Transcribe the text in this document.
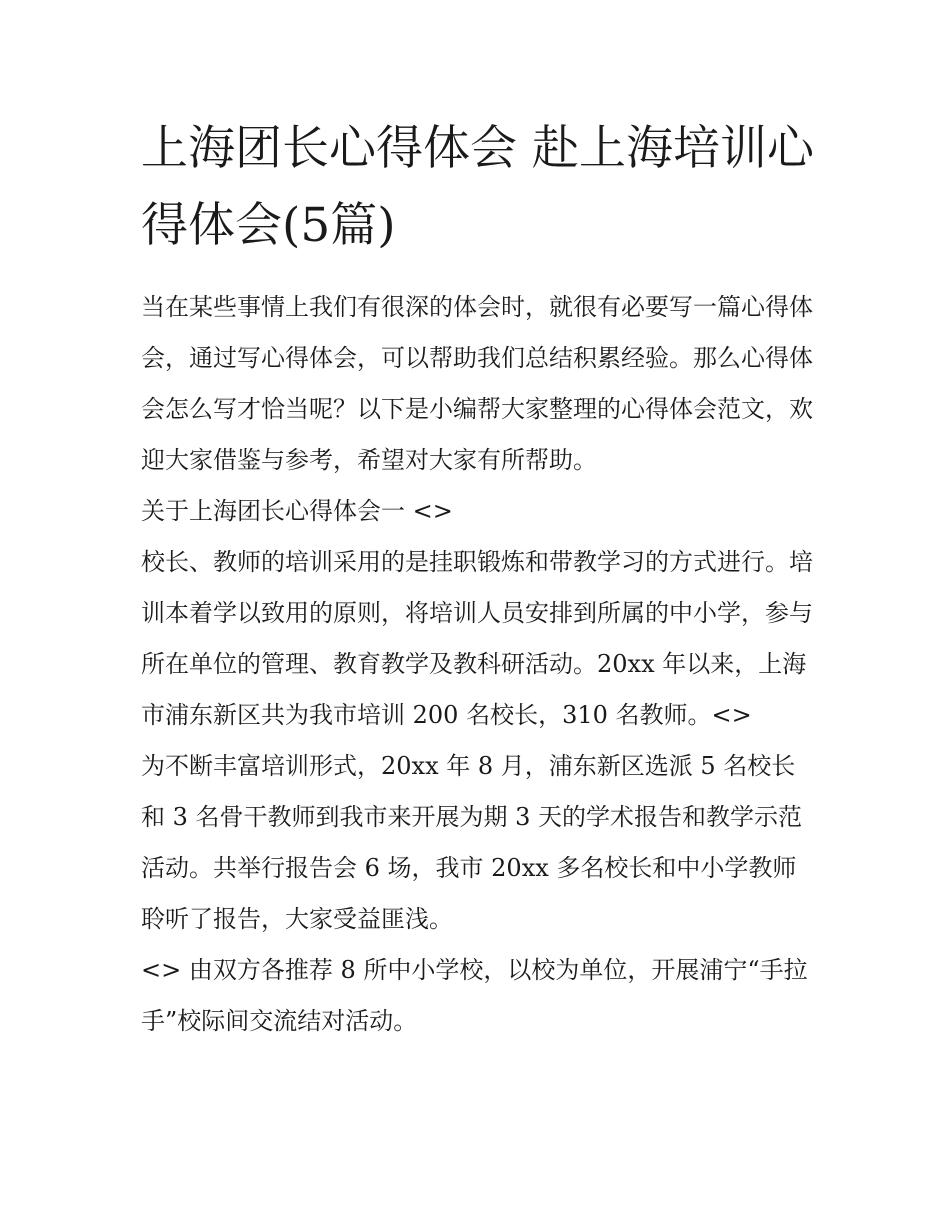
上海团长心得体会 赴上海培训心得体会(5篇)

当在某些事情上我们有很深的体会时，就很有必要写一篇心得体会，通过写心得体会，可以帮助我们总结积累经验。那么心得体会怎么写才恰当呢？以下是小编帮大家整理的心得体会范文，欢迎大家借鉴与参考，希望对大家有所帮助。

关于上海团长心得体会一 <>

校长、教师的培训采用的是挂职锻炼和带教学习的方式进行。培训本着学以致用的原则，将培训人员安排到所属的中小学，参与所在单位的管理、教育教学及教科研活动。20xx 年以来，上海市浦东新区共为我市培训 200 名校长，310 名教师。<>

为不断丰富培训形式，20xx 年 8 月，浦东新区选派 5 名校长和 3 名骨干教师到我市来开展为期 3 天的学术报告和教学示范活动。共举行报告会 6 场，我市 20xx 多名校长和中小学教师聆听了报告，大家受益匪浅。

<> 由双方各推荐 8 所中小学校，以校为单位，开展浦宁“手拉手”校际间交流结对活动。
